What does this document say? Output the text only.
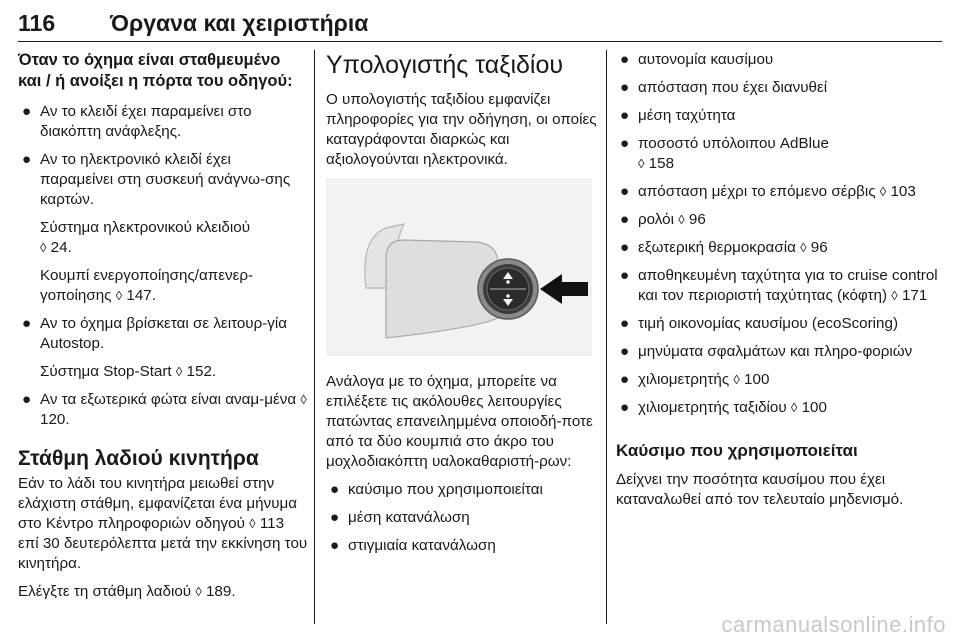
116	Όργανα και χειριστήρια
Όταν το όχημα είναι σταθμευμένο και / ή ανοίξει η πόρτα του οδηγού:
● Αν το κλειδί έχει παραμείνει στο διακόπτη ανάφλεξης.
● Αν το ηλεκτρονικό κλειδί έχει παραμείνει στη συσκευή ανάγνω‐σης καρτών.

Σύστημα ηλεκτρονικού κλειδιού
◊ 24.

Κουμπί ενεργοποίησης/απενερ‐γοποίησης ◊ 147.

● Αν το όχημα βρίσκεται σε λειτουρ‐γία Autostop.

Σύστημα Stop-Start ◊ 152.

● Αν τα εξωτερικά φώτα είναι αναμ‐μένα ◊ 120.
Στάθμη λαδιού κινητήρα

Εάν το λάδι του κινητήρα μειωθεί στην ελάχιστη στάθμη, εμφανίζεται ένα μήνυμα στο Κέντρο πληροφοριών οδηγού ◊ 113 επί 30 δευτερόλεπτα μετά την εκκίνηση του κινητήρα.

Ελέγξτε τη στάθμη λαδιού ◊ 189.

Υπολογιστής ταξιδίου

Ο υπολογιστής ταξιδίου εμφανίζει πληροφορίες για την οδήγηση, οι οποίες καταγράφονται διαρκώς και αξιολογούνται ηλεκτρονικά.

Ανάλογα με το όχημα, μπορείτε να επιλέξετε τις ακόλουθες λειτουργίες πατώντας επανειλημμένα οποιοδή‐ποτε από τα δύο κουμπιά στο άκρο του μοχλοδιακόπτη υαλοκαθαριστή‐ρων:

● καύσιμο που χρησιμοποιείται
● μέση κατανάλωση
● στιγμιαία κατανάλωση
● αυτονομία καυσίμου
● απόσταση που έχει διανυθεί
● μέση ταχύτητα
● ποσοστό υπόλοιπου AdBlue
◊ 158
● απόσταση μέχρι το επόμενο σέρβις ◊ 103
● ρολόι ◊ 96
● εξωτερική θερμοκρασία ◊ 96
● αποθηκευμένη ταχύτητα για το cruise control και τον περιοριστή ταχύτητας (κόφτη) ◊ 171
● τιμή οικονομίας καυσίμου (ecoScoring)
● μηνύματα σφαλμάτων και πληρο‐φοριών
● χιλιομετρητής ◊ 100
● χιλιομετρητής ταξιδίου ◊ 100
Καύσιμο που χρησιμοποιείται

Δείχνει την ποσότητα καυσίμου που έχει καταναλωθεί από τον τελευταίο μηδενισμό.

carmanualsonline.info
